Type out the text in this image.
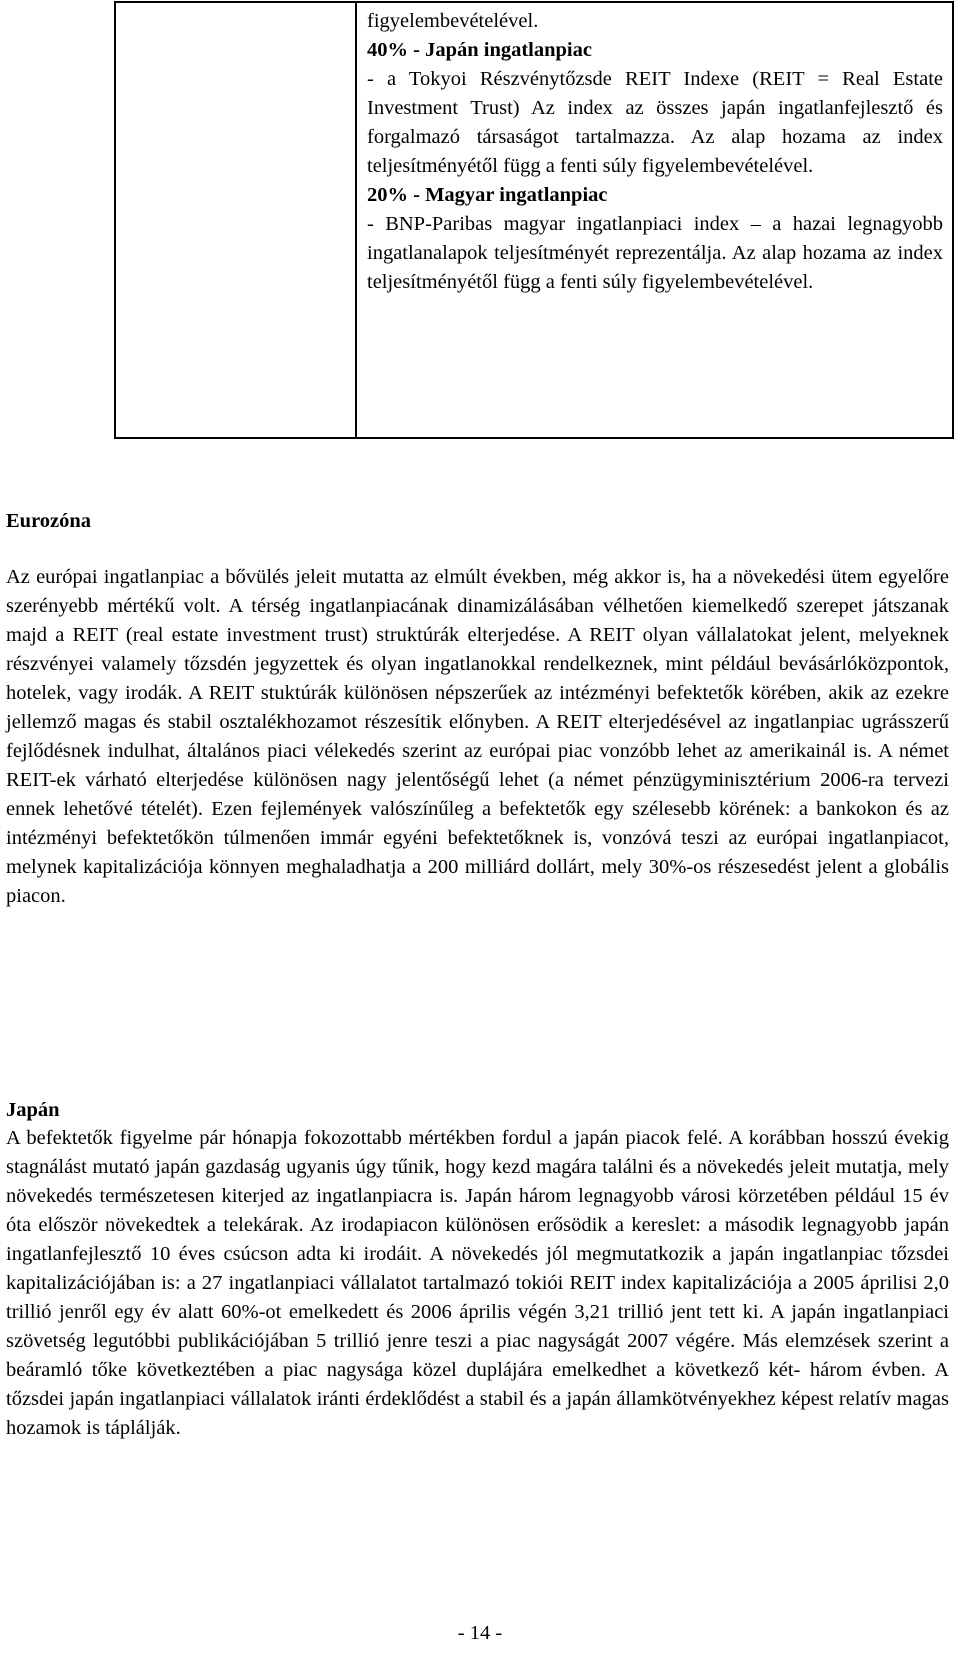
figyelembevételével.

40% - Japán ingatlanpiac

- a Tokyoi Részvénytőzsde REIT Indexe (REIT = Real Estate Investment Trust) Az index az összes japán ingatlanfejlesztő és forgalmazó társaságot tartalmazza. Az alap hozama az index teljesítményétől függ a fenti súly figyelembevételével.

20% - Magyar ingatlanpiac

- BNP-Paribas magyar ingatlanpiaci index – a hazai legnagyobb ingatlanalapok teljesítményét reprezentálja. Az alap hozama az index teljesítményétől függ a fenti súly figyelembevételével.

Eurozóna

Az európai ingatlanpiac a bővülés jeleit mutatta az elmúlt években, még akkor is, ha a növekedési ütem egyelőre szerényebb mértékű volt. A térség ingatlanpiacának dinamizálásában vélhetően kiemelkedő szerepet játszanak majd a REIT (real estate investment trust) struktúrák elterjedése. A REIT olyan vállalatokat jelent, melyeknek részvényei valamely tőzsdén jegyzettek és olyan ingatlanokkal rendelkeznek, mint például bevásárlóközpontok, hotelek, vagy irodák. A REIT stuktúrák különösen népszerűek az intézményi befektetők körében, akik az ezekre jellemző magas és stabil osztalékhozamot részesítik előnyben. A REIT elterjedésével az ingatlanpiac ugrásszerű fejlődésnek indulhat, általános piaci vélekedés szerint az európai piac vonzóbb lehet az amerikainál is. A német REIT-ek várható elterjedése különösen nagy jelentőségű lehet (a német pénzügyminisztérium 2006-ra tervezi ennek lehetővé tételét). Ezen fejlemények valószínűleg a befektetők egy szélesebb körének: a bankokon és az intézményi befektetőkön túlmenően immár egyéni befektetőknek is, vonzóvá teszi az európai ingatlanpiacot, melynek kapitalizációja könnyen meghaladhatja a 200 milliárd dollárt, mely 30%-os részesedést jelent a globális piacon.

Japán

A befektetők figyelme pár hónapja fokozottabb mértékben fordul a japán piacok felé. A korábban hosszú évekig stagnálást mutató japán gazdaság ugyanis úgy tűnik, hogy kezd magára találni és a növekedés jeleit mutatja, mely növekedés természetesen kiterjed az ingatlanpiacra is. Japán három legnagyobb városi körzetében például 15 év óta először növekedtek a telekárak. Az irodapiacon különösen erősödik a kereslet: a második legnagyobb japán ingatlanfejlesztő 10 éves csúcson adta ki irodáit. A növekedés jól megmutatkozik a japán ingatlanpiac tőzsdei kapitalizációjában is: a 27 ingatlanpiaci vállalatot tartalmazó tokiói REIT index kapitalizációja a 2005 áprilisi 2,0 trillió jenről egy év alatt 60%-ot emelkedett és 2006 április végén 3,21 trillió jent tett ki. A japán ingatlanpiaci szövetség legutóbbi publikációjában 5 trillió jenre teszi a piac nagyságát 2007 végére. Más elemzések szerint a beáramló tőke következtében a piac nagysága közel duplájára emelkedhet a következő két- három évben. A tőzsdei japán ingatlanpiaci vállalatok iránti érdeklődést a stabil és a japán államkötvényekhez képest relatív magas hozamok is táplálják.

- 14 -
